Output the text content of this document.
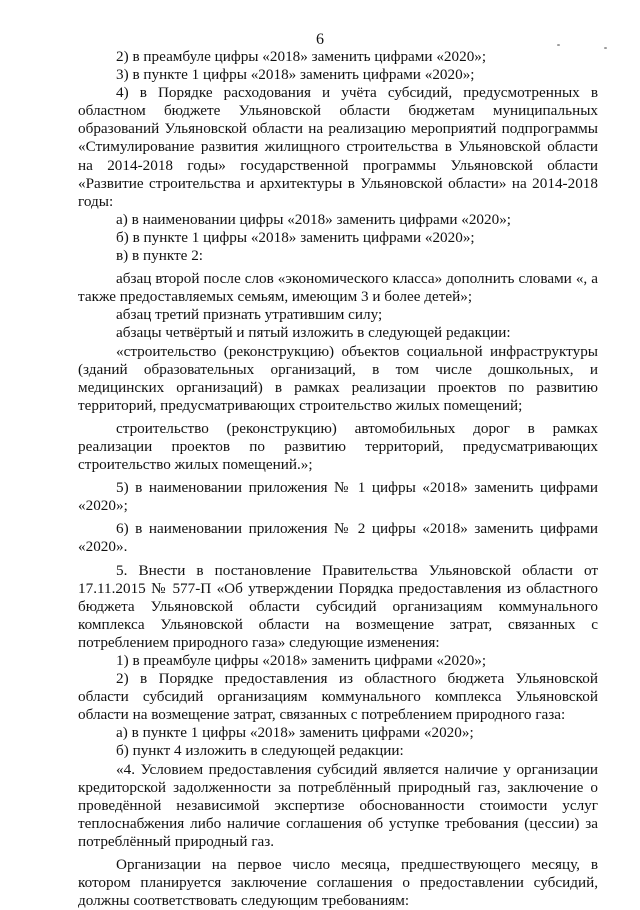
6

2) в преамбуле цифры «2018» заменить цифрами «2020»;

3) в пункте 1 цифры «2018» заменить цифрами «2020»;

4) в Порядке расходования и учёта субсидий, предусмотренных в областном бюджете Ульяновской области бюджетам муниципальных образований Ульяновской области на реализацию мероприятий подпрограммы «Стимулирование развития жилищного строительства в Ульяновской области на 2014-2018 годы» государственной программы Ульяновской области «Развитие строительства и архитектуры в Ульяновской области» на 2014-2018 годы:

а) в наименовании цифры «2018» заменить цифрами «2020»;

б) в пункте 1 цифры «2018» заменить цифрами «2020»;

в) в пункте 2:

абзац второй после слов «экономического класса» дополнить словами «, а также предоставляемых семьям, имеющим 3 и более детей»;

абзац третий признать утратившим силу;

абзацы четвёртый и пятый изложить в следующей редакции:

«строительство (реконструкцию) объектов социальной инфраструктуры (зданий образовательных организаций, в том числе дошкольных, и медицинских организаций) в рамках реализации проектов по развитию территорий, предусматривающих строительство жилых помещений;

строительство (реконструкцию) автомобильных дорог в рамках реализации проектов по развитию территорий, предусматривающих строительство жилых помещений.»;

5) в наименовании приложения № 1 цифры «2018» заменить цифрами «2020»;

6) в наименовании приложения № 2 цифры «2018» заменить цифрами «2020».

5. Внести в постановление Правительства Ульяновской области от 17.11.2015 № 577-П «Об утверждении Порядка предоставления из областного бюджета Ульяновской области субсидий организациям коммунального комплекса Ульяновской области на возмещение затрат, связанных с потреблением природного газа» следующие изменения:

1) в преамбуле цифры «2018» заменить цифрами «2020»;

2) в Порядке предоставления из областного бюджета Ульяновской области субсидий организациям коммунального комплекса Ульяновской области на возмещение затрат, связанных с потреблением природного газа:

а) в пункте 1 цифры «2018» заменить цифрами «2020»;

б) пункт 4 изложить в следующей редакции:

«4. Условием предоставления субсидий является наличие у организации кредиторской задолженности за потреблённый природный газ, заключение о проведённой независимой экспертизе обоснованности стоимости услуг теплоснабжения либо наличие соглашения об уступке требования (цессии) за потреблённый природный газ.

Организации на первое число месяца, предшествующего месяцу, в котором планируется заключение соглашения о предоставлении субсидий, должны соответствовать следующим требованиям:
